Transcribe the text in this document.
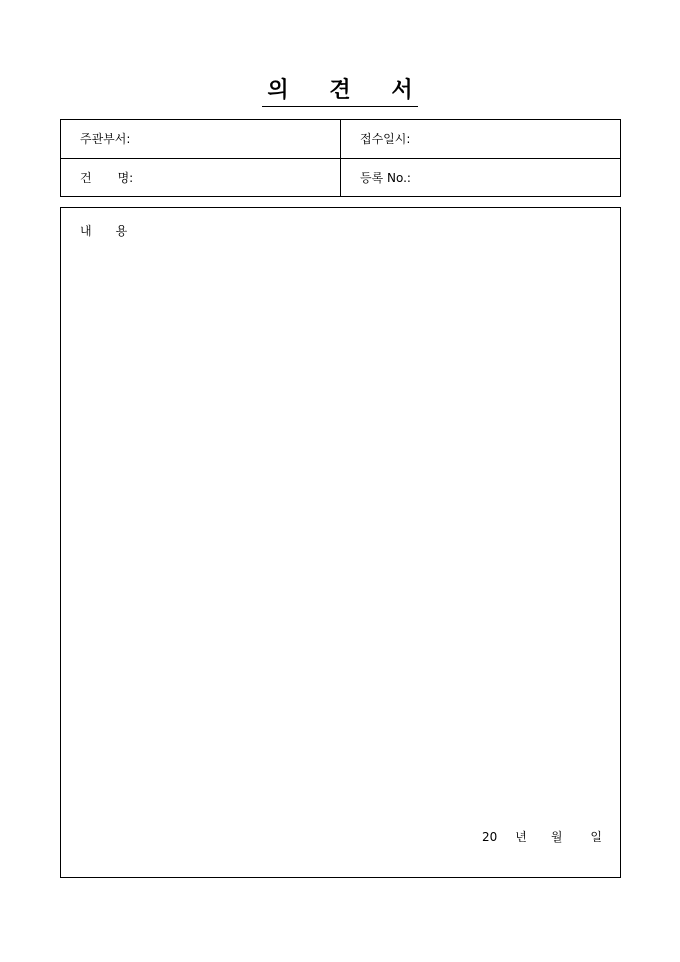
의 견 서
주관부서:	접수일시:
건 명:	등록 No.:
내 용
20 년 월 일
